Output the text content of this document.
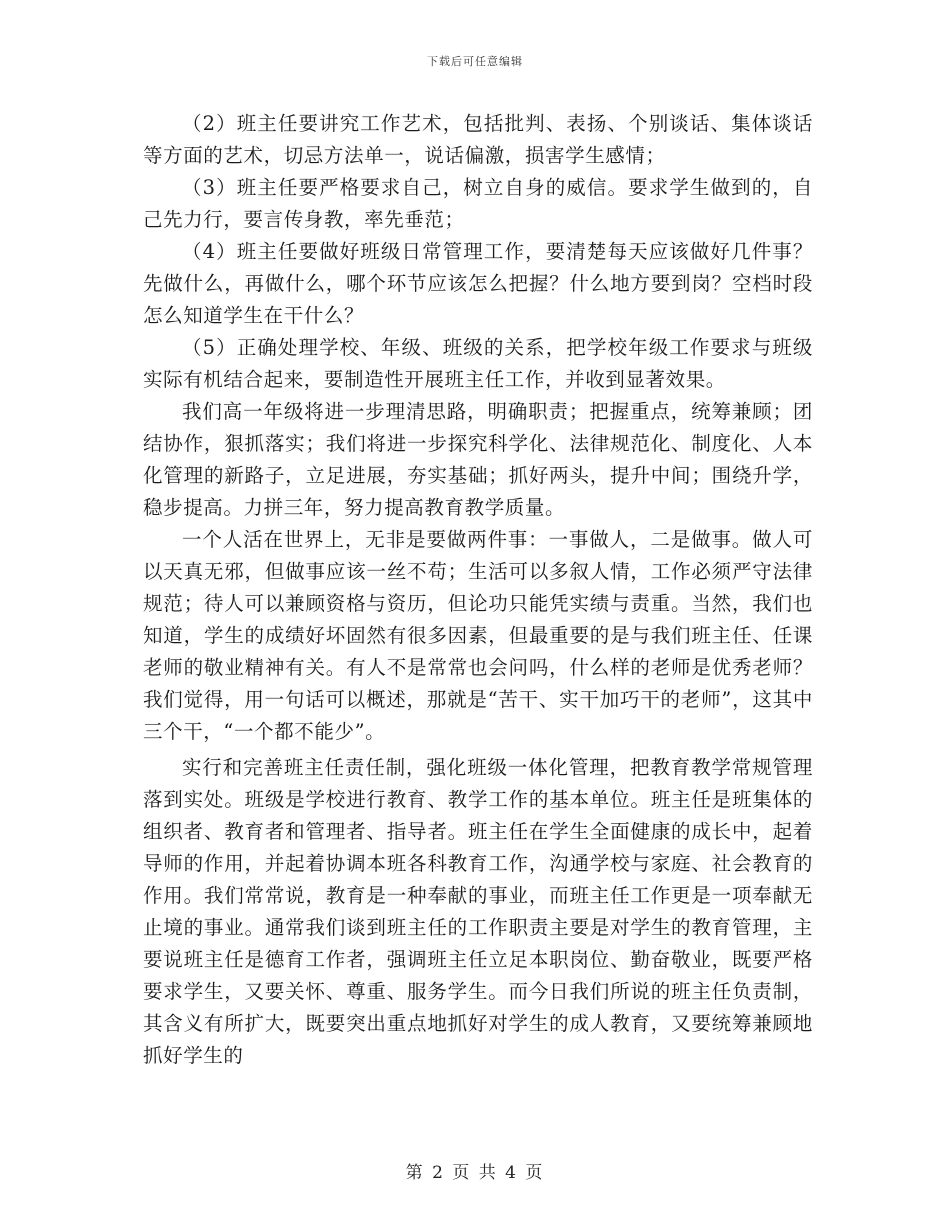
下载后可任意编辑

（2）班主任要讲究工作艺术，包括批判、表扬、个别谈话、集体谈话等方面的艺术，切忌方法单一，说话偏激，损害学生感情；

（3）班主任要严格要求自己，树立自身的威信。要求学生做到的，自己先力行，要言传身教，率先垂范；

（4）班主任要做好班级日常管理工作，要清楚每天应该做好几件事？先做什么，再做什么，哪个环节应该怎么把握？什么地方要到岗？空档时段怎么知道学生在干什么？

（5）正确处理学校、年级、班级的关系，把学校年级工作要求与班级实际有机结合起来，要制造性开展班主任工作，并收到显著效果。

我们高一年级将进一步理清思路，明确职责；把握重点，统筹兼顾；团结协作，狠抓落实；我们将进一步探究科学化、法律规范化、制度化、人本化管理的新路子，立足进展，夯实基础；抓好两头，提升中间；围绕升学，稳步提高。力拼三年，努力提高教育教学质量。

一个人活在世界上，无非是要做两件事：一事做人，二是做事。做人可以天真无邪，但做事应该一丝不苟；生活可以多叙人情，工作必须严守法律规范；待人可以兼顾资格与资历，但论功只能凭实绩与责重。当然，我们也知道，学生的成绩好坏固然有很多因素，但最重要的是与我们班主任、任课老师的敬业精神有关。有人不是常常也会问吗，什么样的老师是优秀老师？我们觉得，用一句话可以概述，那就是“苦干、实干加巧干的老师”，这其中三个干，“一个都不能少”。

实行和完善班主任责任制，强化班级一体化管理，把教育教学常规管理落到实处。班级是学校进行教育、教学工作的基本单位。班主任是班集体的组织者、教育者和管理者、指导者。班主任在学生全面健康的成长中，起着导师的作用，并起着协调本班各科教育工作，沟通学校与家庭、社会教育的作用。我们常常说，教育是一种奉献的事业，而班主任工作更是一项奉献无止境的事业。通常我们谈到班主任的工作职责主要是对学生的教育管理，主要说班主任是德育工作者，强调班主任立足本职岗位、勤奋敬业，既要严格要求学生，又要关怀、尊重、服务学生。而今日我们所说的班主任负责制，其含义有所扩大，既要突出重点地抓好对学生的成人教育，又要统筹兼顾地抓好学生的

第 2 页 共 4 页
